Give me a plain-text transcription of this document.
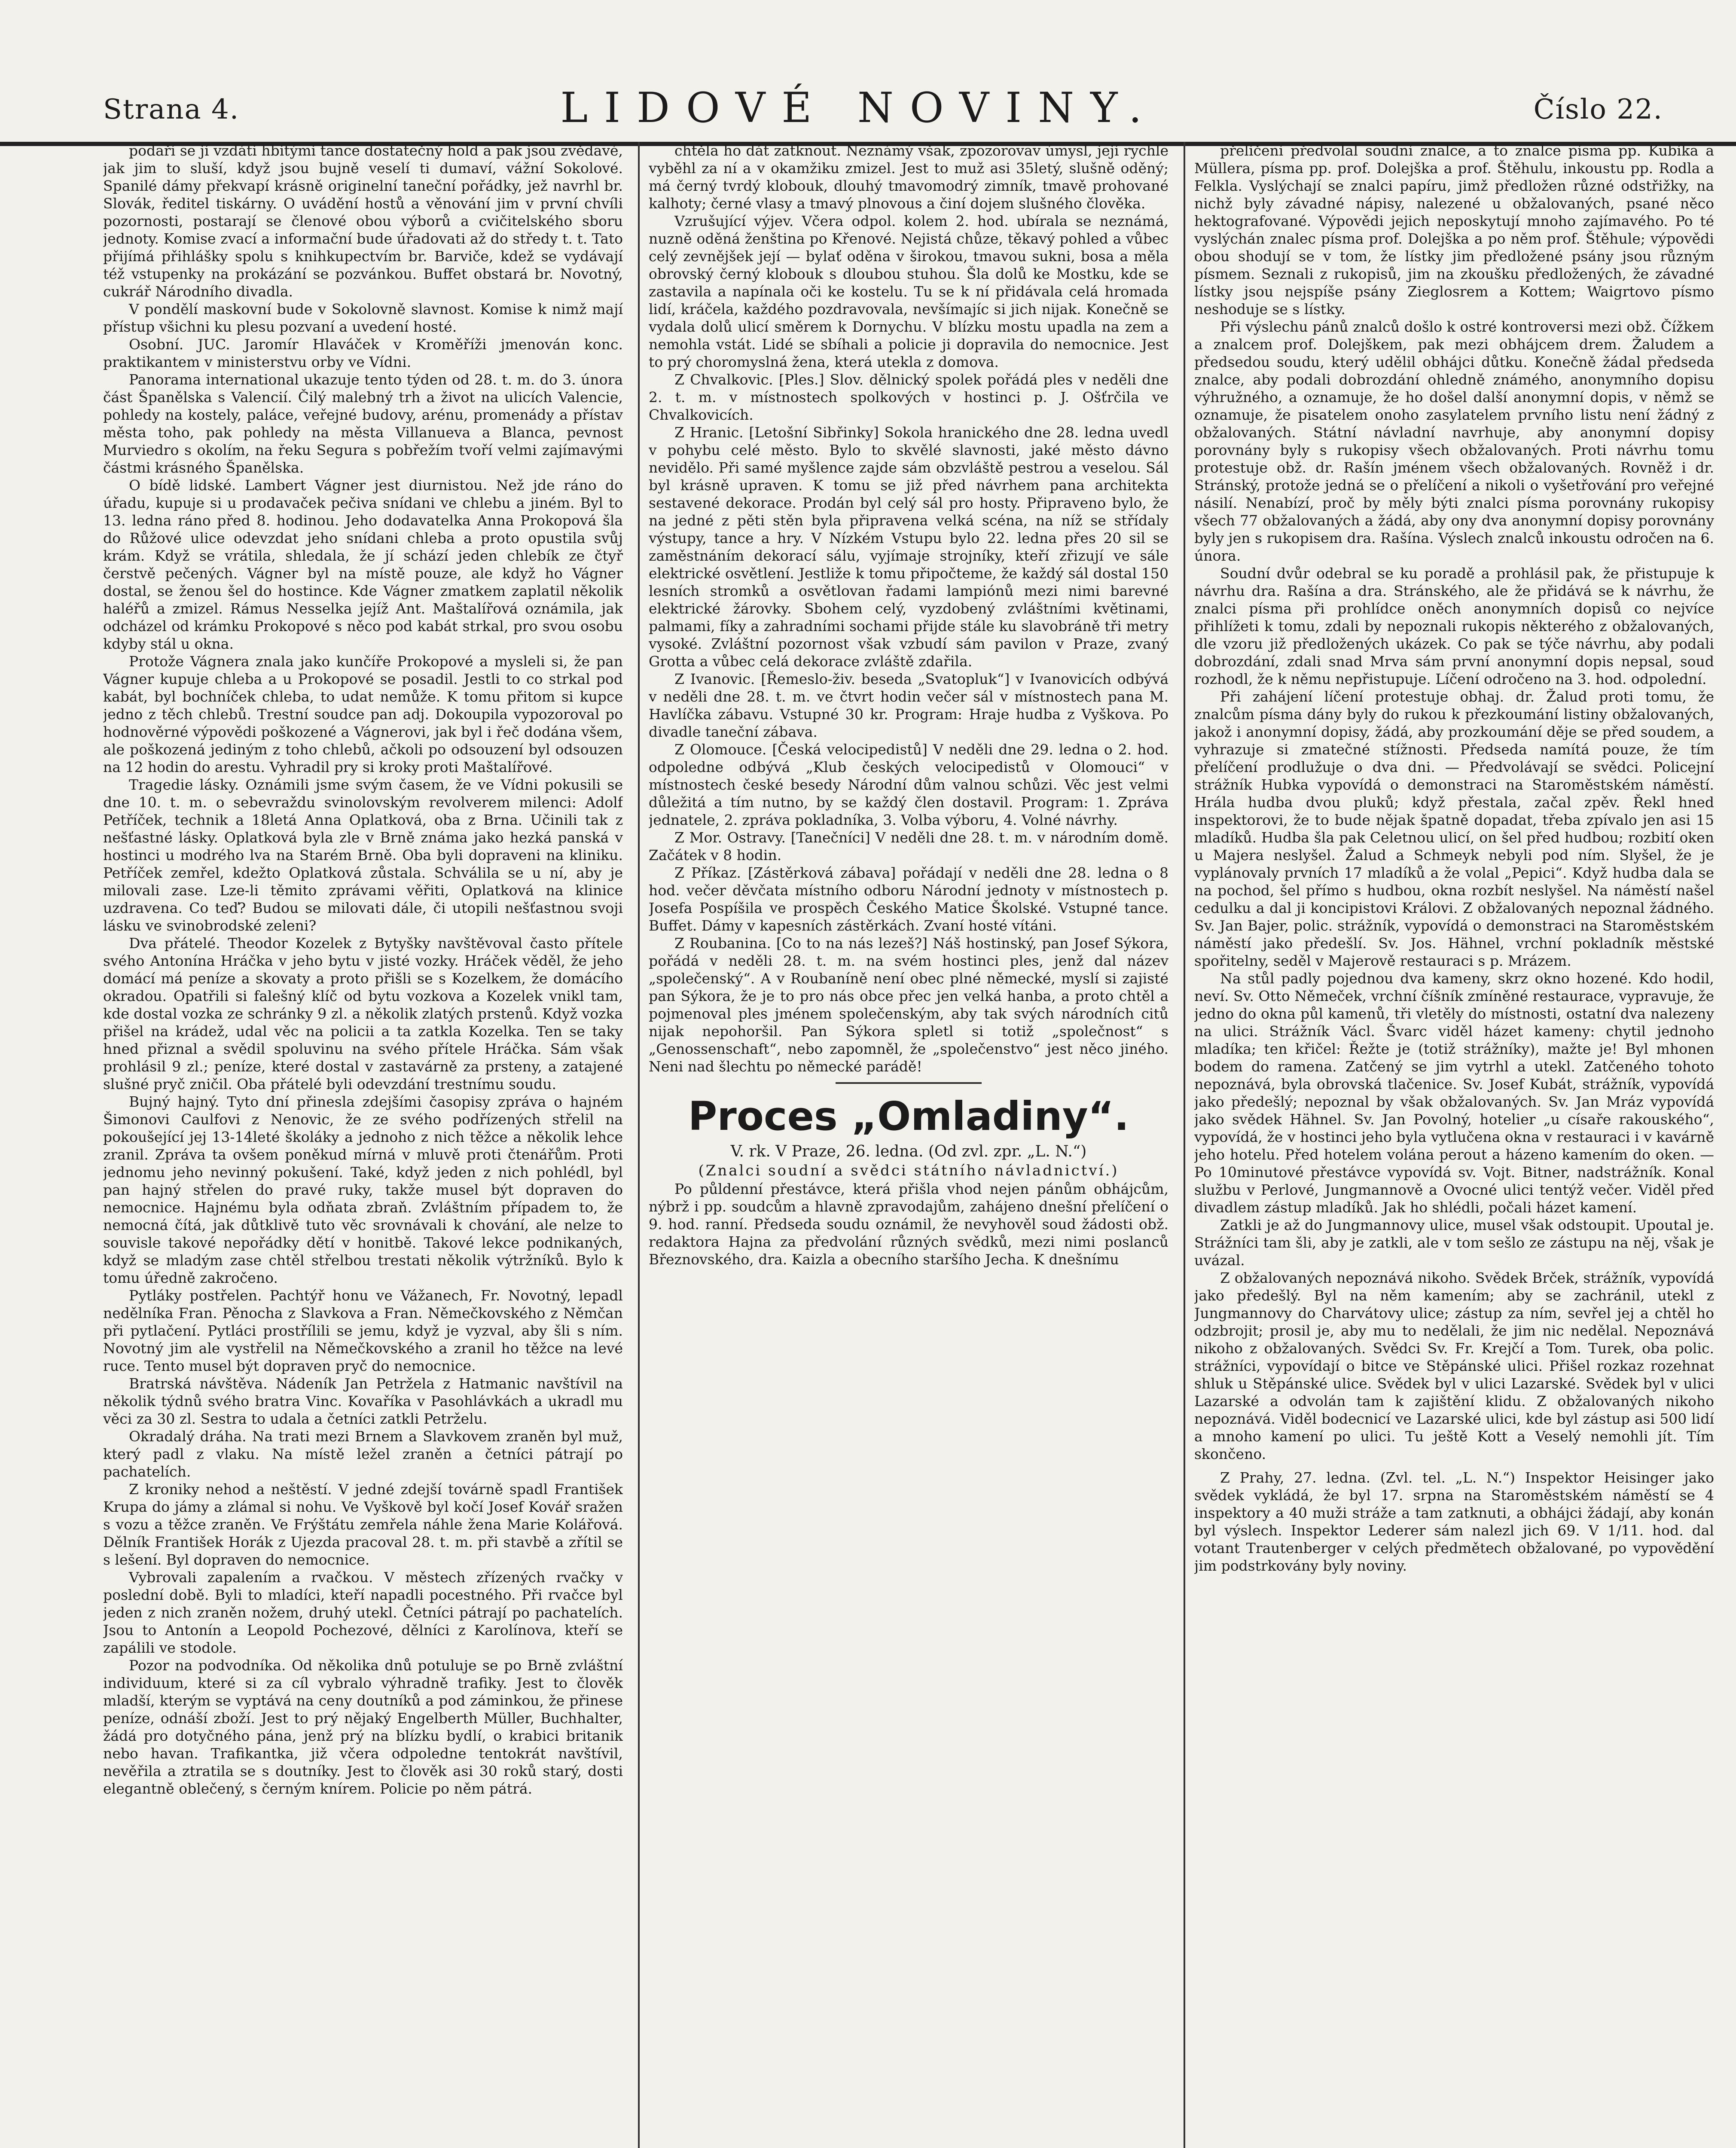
Strana 4.	LIDOVÉ NOVINY.	Číslo 22.

podaří se jí vzdáti hbitými tance dostatečný hold a pak jsou zvědavé, jak jim to sluší, když jsou bujně veselí ti dumaví, vážní Sokolové. Spanilé dámy překvapí krásně originelní taneční pořádky, jež navrhl br. Slovák, ředitel tiskárny. O uvádění hostů a věnování jim v první chvíli pozornosti, postarají se členové obou výborů a cvičitelského sboru jednoty. Komise zvací a informační bude úřadovati až do středy t. t. Tato přijímá přihlášky spolu s knihkupectvím br. Barviče, kdež se vydávají též vstupenky na prokázání se pozvánkou. Buffet obstará br. Novotný, cukrář Národního divadla.

V pondělí maskovní bude v Sokolovně slavnost. Komise k nimž mají přístup všichni ku plesu pozvaní a uvedení hosté.

Osobní. JUC. Jaromír Hlaváček v Kroměříži jmenován konc. praktikantem v ministerstvu orby ve Vídni.

Panorama international ukazuje tento týden od 28. t. m. do 3. února část Španělska s Valencií. Čilý malebný trh a život na ulicích Valencie, pohledy na kostely, paláce, veřejné budovy, arénu, promenády a přístav města toho, pak pohledy na města Villanueva a Blanca, pevnost Murviedro s okolím, na řeku Segura s pobřežím tvoří velmi zajímavými částmi krásného Španělska.

O bídě lidské. Lambert Vágner jest diurnistou. Než jde ráno do úřadu, kupuje si u prodavaček pečiva snídani ve chlebu a jiném. Byl to 13. ledna ráno před 8. hodinou. Jeho dodavatelka Anna Prokopová šla do Růžové ulice odevzdat jeho snídani chleba a proto opustila svůj krám. Když se vrátila, shledala, že jí schází jeden chlebík ze čtyř čerstvě pečených. Vágner byl na místě pouze, ale když ho Vágner dostal, se ženou šel do hostince. Kde Vágner zmatkem zaplatil několik haléřů a zmizel. Rámus Nesselka jejíž Ant. Maštalířová oznámila, jak odcházel od krámku Prokopové s něco pod kabát strkal, pro svou osobu kdyby stál u okna.

Protože Vágnera znala jako kunčíře Prokopové a mysleli si, že pan Vágner kupuje chleba a u Prokopové se posadil. Jestli to co strkal pod kabát, byl bochníček chleba, to udat nemůže. K tomu přitom si kupce jedno z těch chlebů. Trestní soudce pan adj. Dokoupila vypozoroval po hodnověrné výpovědi poškozené a Vágnerovi, jak byl i řeč dodána všem, ale poškozená jediným z toho chlebů, ačkoli po odsouzení byl odsouzen na 12 hodin do arestu. Vyhradil pry si kroky proti Maštalířové.

Tragedie lásky. Oznámili jsme svým časem, že ve Vídni pokusili se dne 10. t. m. o sebevraždu svinolovským revolverem milenci: Adolf Petříček, technik a 18letá Anna Oplatková, oba z Brna. Učinili tak z nešťastné lásky. Oplatková byla zle v Brně známa jako hezká panská v hostinci u modrého lva na Starém Brně. Oba byli dopraveni na kliniku. Petříček zemřel, kdežto Oplatková zůstala. Schválila se u ní, aby je milovali zase. Lze-li těmito zprávami věřiti, Oplatková na klinice uzdravena. Co teď? Budou se milovati dále, či utopili nešťastnou svoji lásku ve svinobrodské zeleni?

Dva přátelé. Theodor Kozelek z Bytyšky navštěvoval často přítele svého Antonína Hráčka v jeho bytu v jisté vozky. Hráček věděl, že jeho domácí má peníze a skovaty a proto přišli se s Kozelkem, že domácího okradou. Opatřili si falešný klíč od bytu vozkova a Kozelek vnikl tam, kde dostal vozka ze schránky 9 zl. a několik zlatých prstenů. Když vozka přišel na krádež, udal věc na policii a ta zatkla Kozelka. Ten se taky hned přiznal a svědil spoluvinu na svého přítele Hráčka. Sám však prohlásil 9 zl.; peníze, které dostal v zastavárně za prsteny, a zatajené slušné pryč zničil. Oba přátelé byli odevzdání trestnímu soudu.

Bujný hajný. Tyto dní přinesla zdejšími časopisy zpráva o hajném Šimonovi Caulfovi z Nenovic, že ze svého podřízených střelil na pokoušející jej 13-14leté školáky a jednoho z nich těžce a několik lehce zranil. Zpráva ta ovšem poněkud mírná v mluvě proti čtenářům. Proti jednomu jeho nevinný pokušení. Také, když jeden z nich pohlédl, byl pan hajný střelen do pravé ruky, takže musel být dopraven do nemocnice. Hajnému byla odňata zbraň. Zvláštním případem to, že nemocná čítá, jak důtklivě tuto věc srovnávali k chování, ale nelze to souvisle takové nepořádky dětí v honitbě. Takové lekce podnikaných, když se mladým zase chtěl střelbou trestati několik výtržníků. Bylo k tomu úředně zakročeno.

Pytláky postřelen. Pachtýř honu ve Vážanech, Fr. Novotný, lepadl nedělníka Fran. Pěnocha z Slavkova a Fran. Němečkovského z Němčan při pytlačení. Pytláci prostřílili se jemu, když je vyzval, aby šli s ním. Novotný jim ale vystřelil na Němečkovského a zranil ho těžce na levé ruce. Tento musel být dopraven pryč do nemocnice.

Bratrská návštěva. Nádeník Jan Petržela z Hatmanic navštívil na několik týdnů svého bratra Vinc. Kovaříka v Pasohlávkách a ukradl mu věci za 30 zl. Sestra to udala a četníci zatkli Petrželu.

Okradalý dráha. Na trati mezi Brnem a Slavkovem zraněn byl muž, který padl z vlaku. Na místě ležel zraněn a četníci pátrají po pachatelích.

Z kroniky nehod a neštěstí. V jedné zdejší továrně spadl František Krupa do jámy a zlámal si nohu. Ve Vyškově byl kočí Josef Kovář sražen s vozu a těžce zraněn. Ve Frýštátu zemřela náhle žena Marie Kolářová. Dělník František Horák z Ujezda pracoval 28. t. m. při stavbě a zřítil se s lešení. Byl dopraven do nemocnice.

Vybrovali zapalením a rvačkou. V městech zřízených rvačky v poslední době. Byli to mladíci, kteří napadli pocestného. Při rvačce byl jeden z nich zraněn nožem, druhý utekl. Četníci pátrají po pachatelích. Jsou to Antonín a Leopold Pochezové, dělníci z Karolínova, kteří se zapálili ve stodole.

Pozor na podvodníka. Od několika dnů potuluje se po Brně zvláštní individuum, které si za cíl vybralo výhradně trafiky. Jest to člověk mladší, kterým se vyptává na ceny doutníků a pod záminkou, že přinese peníze, odnáší zboží. Jest to prý nějaký Engelberth Müller, Buchhalter, žádá pro dotyčného pána, jenž prý na blízku bydlí, o krabici britanik nebo havan. Trafikantka, již včera odpoledne tentokrát navštívil, nevěřila a ztratila se s doutníky. Jest to člověk asi 30 roků starý, dosti elegantně oblečený, s černým knírem. Policie po něm pátrá.

chtěla ho dát zatknout. Neznámý však, zpozorovav úmysl, její rychle vyběhl za ní a v okamžiku zmizel. Jest to muž asi 35letý, slušně oděný; má černý tvrdý klobouk, dlouhý tmavomodrý zimník, tmavě prohované kalhoty; černé vlasy a tmavý plnovous a činí dojem slušného člověka.

Vzrušující výjev. Včera odpol. kolem 2. hod. ubírala se neznámá, nuzně oděná ženština po Křenové. Nejistá chůze, těkavý pohled a vůbec celý zevnějšek její — bylať oděna v širokou, tmavou sukni, bosa a měla obrovský černý klobouk s dloubou stuhou. Šla dolů ke Mostku, kde se zastavila a napínala oči ke kostelu. Tu se k ní přidávala celá hromada lidí, kráčela, každého pozdravovala, nevšímajíc si jich nijak. Konečně se vydala dolů ulicí směrem k Dornychu. V blízku mostu upadla na zem a nemohla vstát. Lidé se sbíhali a policie ji dopravila do nemocnice. Jest to prý choromyslná žena, která utekla z domova.

Z Chvalkovic. [Ples.] Slov. dělnický spolek pořádá ples v neděli dne 2. t. m. v místnostech spolkových v hostinci p. J. Ošťrčila ve Chvalkovicích.

Z Hranic. [Letošní Sibřinky] Sokola hranického dne 28. ledna uvedl v pohybu celé město. Bylo to skvělé slavnosti, jaké město dávno nevidělo. Při samé myšlence zajde sám obzvláště pestrou a veselou. Sál byl krásně upraven. K tomu se již před návrhem pana architekta sestavené dekorace. Prodán byl celý sál pro hosty. Připraveno bylo, že na jedné z pěti stěn byla připravena velká scéna, na níž se střídaly výstupy, tance a hry. V Nízkém Vstupu bylo 22. ledna přes 20 sil se zaměstnáním dekorací sálu, vyjímaje strojníky, kteří zřizují ve sále elektrické osvětlení. Jestliže k tomu připočteme, že každý sál dostal 150 lesních stromků a osvětlovan řadami lampiónů mezi nimi barevné elektrické žárovky. Sbohem celý, vyzdobený zvláštními květinami, palmami, fíky a zahradními sochami přijde stále ku slavobráně tři metry vysoké. Zvláštní pozornost však vzbudí sám pavilon v Praze, zvaný Grotta a vůbec celá dekorace zvláště zdařila.

Z Ivanovic. [Řemeslo-živ. beseda „Svatopluk“] v Ivanovicích odbývá v neděli dne 28. t. m. ve čtvrt hodin večer sál v místnostech pana M. Havlíčka zábavu. Vstupné 30 kr. Program: Hraje hudba z Vyškova. Po divadle taneční zábava.

Z Olomouce. [Česká velocipedistů] V neděli dne 29. ledna o 2. hod. odpoledne odbývá „Klub českých velocipedistů v Olomouci“ v místnostech české besedy Národní dům valnou schůzi. Věc jest velmi důležitá a tím nutno, by se každý člen dostavil. Program: 1. Zpráva jednatele, 2. zpráva pokladníka, 3. Volba výboru, 4. Volné návrhy.

Z Mor. Ostravy. [Tanečníci] V neděli dne 28. t. m. v národním domě. Začátek v 8 hodin.

Z Příkaz. [Zástěrková zábava] pořádají v neděli dne 28. ledna o 8 hod. večer děvčata místního odboru Národní jednoty v místnostech p. Josefa Pospíšila ve prospěch Českého Matice Školské. Vstupné tance. Buffet. Dámy v kapesních zástěrkách. Zvaní hosté vítáni.

Z Roubanina. [Co to na nás lezeš?] Náš hostinský, pan Josef Sýkora, pořádá v neděli 28. t. m. na svém hostinci ples, jenž dal název „společenský“. A v Roubaníně není obec plné německé, myslí si zajisté pan Sýkora, že je to pro nás obce přec jen velká hanba, a proto chtěl a pojmenoval ples jménem společenským, aby tak svých národních citů nijak nepohoršil. Pan Sýkora spletl si totiž „společnost“ s „Genossenschaft“, nebo zapomněl, že „společenstvo“ jest něco jiného. Neni nad šlechtu po německé parádě!

Proces „Omladiny“.

V. rk. V Praze, 26. ledna. (Od zvl. zpr. „L. N.“)

(Znalci soudní a svědci státního návladnictví.)

Po půldenní přestávce, která přišla vhod nejen pánům obhájcům, nýbrž i pp. soudcům a hlavně zpravodajům, zahájeno dnešní přelíčení o 9. hod. ranní. Předseda soudu oznámil, že nevyhověl soud žádosti obž. redaktora Hajna za předvolání různých svědků, mezi nimi poslanců Březnovského, dra. Kaizla a obecního staršího Jecha. K dnešnímu

přelíčení předvolal soudní znalce, a to znalce písma pp. Kubíka a Müllera, písma pp. prof. Dolejška a prof. Štěhulu, inkoustu pp. Rodla a Felkla. Vyslýchají se znalci papíru, jimž předložen různé odstřižky, na nichž byly závadné nápisy, nalezené u obžalovaných, psané něco hektografované. Výpovědi jejich neposkytují mnoho zajímavého. Po té vyslýchán znalec písma prof. Dolejška a po něm prof. Štěhule; výpovědi obou shodují se v tom, že lístky jim předložené psány jsou různým písmem. Seznali z rukopisů, jim na zkoušku předložených, že závadné lístky jsou nejspíše psány Zieglosrem a Kottem; Waigrtovo písmo neshoduje se s lístky.

Při výslechu pánů znalců došlo k ostré kontroversi mezi obž. Čížkem a znalcem prof. Dolejškem, pak mezi obhájcem drem. Žaludem a předsedou soudu, který udělil obhájci důtku. Konečně žádal předseda znalce, aby podali dobrozdání ohledně známého, anonymního dopisu výhružného, a oznamuje, že ho došel další anonymní dopis, v němž se oznamuje, že pisatelem onoho zasylatelem prvního listu není žádný z obžalovaných. Státní návladní navrhuje, aby anonymní dopisy porovnány byly s rukopisy všech obžalovaných. Proti návrhu tomu protestuje obž. dr. Rašín jménem všech obžalovaných. Rovněž i dr. Stránský, protože jedná se o přelíčení a nikoli o vyšetřování pro veřejné násilí. Nenabízí, proč by měly býti znalci písma porovnány rukopisy všech 77 obžalovaných a žádá, aby ony dva anonymní dopisy porovnány byly jen s rukopisem dra. Rašína. Výslech znalců inkoustu odročen na 6. února.

Soudní dvůr odebral se ku poradě a prohlásil pak, že přistupuje k návrhu dra. Rašína a dra. Stránského, ale že přidává se k návrhu, že znalci písma při prohlídce oněch anonymních dopisů co nejvíce přihlížeti k tomu, zdali by nepoznali rukopis některého z obžalovaných, dle vzoru již předložených ukázek. Co pak se týče návrhu, aby podali dobrozdání, zdali snad Mrva sám první anonymní dopis nepsal, soud rozhodl, že k němu nepřistupuje. Líčení odročeno na 3. hod. odpolední.

Při zahájení líčení protestuje obhaj. dr. Žalud proti tomu, že znalcům písma dány byly do rukou k přezkoumání listiny obžalovaných, jakož i anonymní dopisy, žádá, aby prozkoumání děje se před soudem, a vyhrazuje si zmatečné stížnosti. Předseda namítá pouze, že tím přelíčení prodlužuje o dva dni. — Předvolávají se svědci. Policejní strážník Hubka vypovídá o demonstraci na Staroměstském náměstí. Hrála hudba dvou pluků; když přestala, začal zpěv. Řekl hned inspektorovi, že to bude nějak špatně dopadat, třeba zpívalo jen asi 15 mladíků. Hudba šla pak Celetnou ulicí, on šel před hudbou; rozbití oken u Majera neslyšel. Žalud a Schmeyk nebyli pod ním. Slyšel, že je vyplánovaly prvních 17 mladíků a že volal „Pepici“. Když hudba dala se na pochod, šel přímo s hudbou, okna rozbít neslyšel. Na náměstí našel cedulku a dal ji koncipistovi Královi. Z obžalovaných nepoznal žádného. Sv. Jan Bajer, polic. strážník, vypovídá o demonstraci na Staroměstském náměstí jako předešlí. Sv. Jos. Hähnel, vrchní pokladník městské spořitelny, seděl v Majerově restauraci s p. Mrázem.

Na stůl padly pojednou dva kameny, skrz okno hozené. Kdo hodil, neví. Sv. Otto Němeček, vrchní číšník zmíněné restaurace, vypravuje, že jedno do okna půl kamenů, tři vletěly do místnosti, ostatní dva nalezeny na ulici. Strážník Václ. Švarc viděl házet kameny: chytil jednoho mladíka; ten křičel: Řežte je (totiž strážníky), mažte je! Byl mhonen bodem do ramena. Zatčený se jim vytrhl a utekl. Zatčeného tohoto nepoznává, byla obrovská tlačenice. Sv. Josef Kubát, strážník, vypovídá jako předešlý; nepoznal by však obžalovaných. Sv. Jan Mráz vypovídá jako svědek Hähnel. Sv. Jan Povolný, hotelier „u císaře rakouského“, vypovídá, že v hostinci jeho byla vytlučena okna v restauraci i v kavárně jeho hotelu. Před hotelem volána perout a házeno kamením do oken. — Po 10minutové přestávce vypovídá sv. Vojt. Bitner, nadstrážník. Konal službu v Perlové, Jungmannově a Ovocné ulici tentýž večer. Viděl před divadlem zástup mladíků. Jak ho shlédli, počali házet kamení.

Zatkli je až do Jungmannovy ulice, musel však odstoupit. Upoutal je. Strážníci tam šli, aby je zatkli, ale v tom sešlo ze zástupu na něj, však je uvázal.

Z obžalovaných nepoznává nikoho. Svědek Brček, strážník, vypovídá jako předešlý. Byl na něm kamením; aby se zachránil, utekl z Jungmannovy do Charvátovy ulice; zástup za ním, sevřel jej a chtěl ho odzbrojit; prosil je, aby mu to nedělali, že jim nic nedělal. Nepoznává nikoho z obžalovaných. Svědci Sv. Fr. Krejčí a Tom. Turek, oba polic. strážníci, vypovídají o bitce ve Stěpánské ulici. Přišel rozkaz rozehnat shluk u Stěpánské ulice. Svědek byl v ulici Lazarské. Svědek byl v ulici Lazarské a odvolán tam k zajištění klidu. Z obžalovaných nikoho nepoznává. Viděl bodecnicí ve Lazarské ulici, kde byl zástup asi 500 lidí a mnoho kamení po ulici. Tu ještě Kott a Veselý nemohli jít. Tím skončeno.

Z Prahy, 27. ledna. (Zvl. tel. „L. N.“) Inspektor Heisinger jako svědek vykládá, že byl 17. srpna na Staroměstském náměstí se 4 inspektory a 40 muži stráže a tam zatknuti, a obhájci žádají, aby konán byl výslech. Inspektor Lederer sám nalezl jich 69. V 1/11. hod. dal votant Trautenberger v celých předmětech obžalované, po vypovědění jim podstrkovány byly noviny.
